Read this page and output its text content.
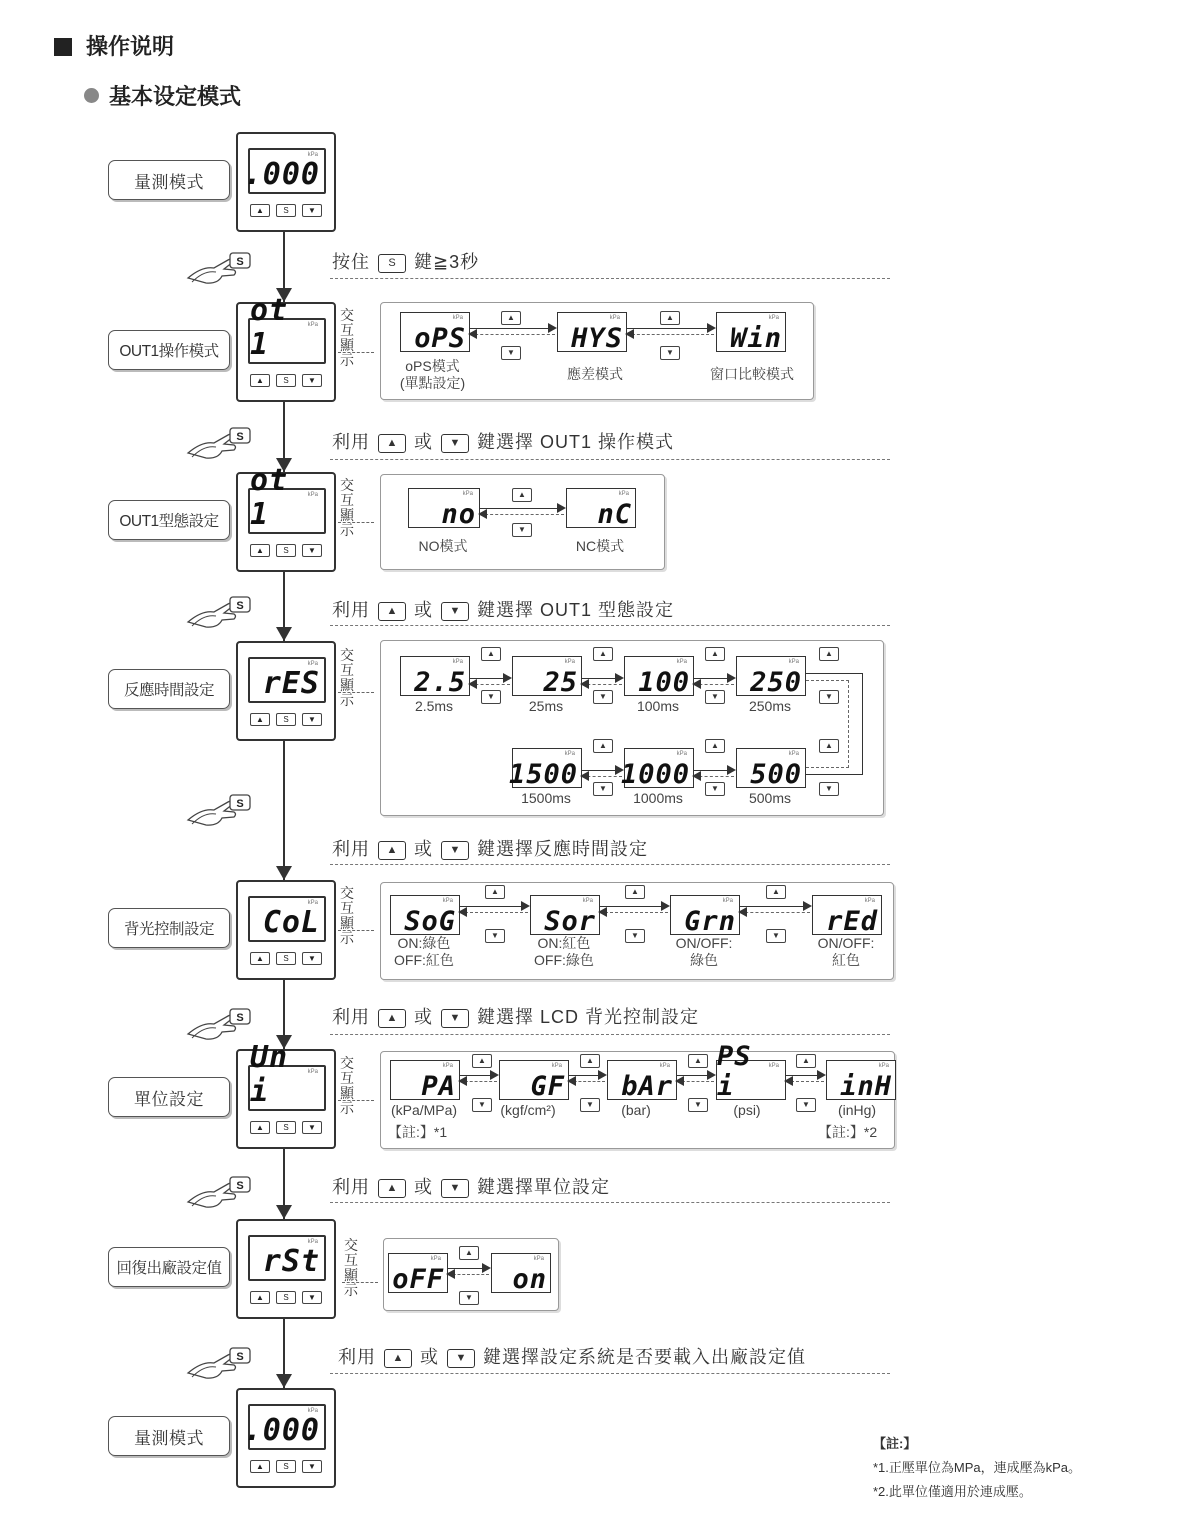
操作说明
基本设定模式
量測模式
kPa
.000
▲	S	▼
OUT1操作模式
kPa
ot 1
▲	S	▼
OUT1型態設定
kPa
ot 1
▲	S	▼
反應時間設定
kPa
rES
▲	S	▼
背光控制設定
kPa
CoL
▲	S	▼
單位設定
kPa
Un i
▲	S	▼
回復出廠設定值
kPa
rSt
▲	S	▼
量測模式
kPa
.000
▲	S	▼
S
S
S
S
S
S
S
按住 S 鍵≧3秒
利用 ▲ 或 ▼ 鍵選擇 OUT1 操作模式
利用 ▲ 或 ▼ 鍵選擇 OUT1 型態設定
利用 ▲ 或 ▼ 鍵選擇反應時間設定
利用 ▲ 或 ▼ 鍵選擇 LCD 背光控制設定
利用 ▲ 或 ▼ 鍵選擇單位設定
利用 ▲ 或 ▼ 鍵選擇設定系統是否要載入出廠設定值
交互
顯示
交互
顯示
交互
顯示
交互
顯示
交互
顯示
交互
顯示
kPa
oPS
oPS模式
(單點設定)
kPa
HYS
應差模式
kPa
Win
窗口比較模式
▲
▼
▲
▼
kPa
no
NO模式
kPa
nC
NC模式
▲
▼
kPa
2.5
2.5ms
kPa
25
25ms
kPa
100
100ms
kPa
250
250ms
▲
▼
▲
▼
▲
▼
▲
▼
kPa
1500
1500ms
kPa
1000
1000ms
kPa
500
500ms
▲
▼
▲
▼
▲
▼
kPa
SoG
ON:綠色
OFF:紅色
kPa
Sor
ON:紅色
OFF:綠色
kPa
Grn
ON/OFF:
綠色
kPa
rEd
ON/OFF:
紅色
▲
▼
▲
▼
▲
▼
kPa
PA
(kPa/MPa)
kPa
GF
(kgf/cm²)
kPa
bAr
(bar)
kPa
PS i
(psi)
kPa
inH
(inHg)
▲
▼
▲
▼
▲
▼
▲
▼
【註:】*1	【註:】*2
kPa
oFF
kPa
on
▲
▼
【註:】
*1.正壓單位為MPa，連成壓為kPa。
*2.此單位僅適用於連成壓。
